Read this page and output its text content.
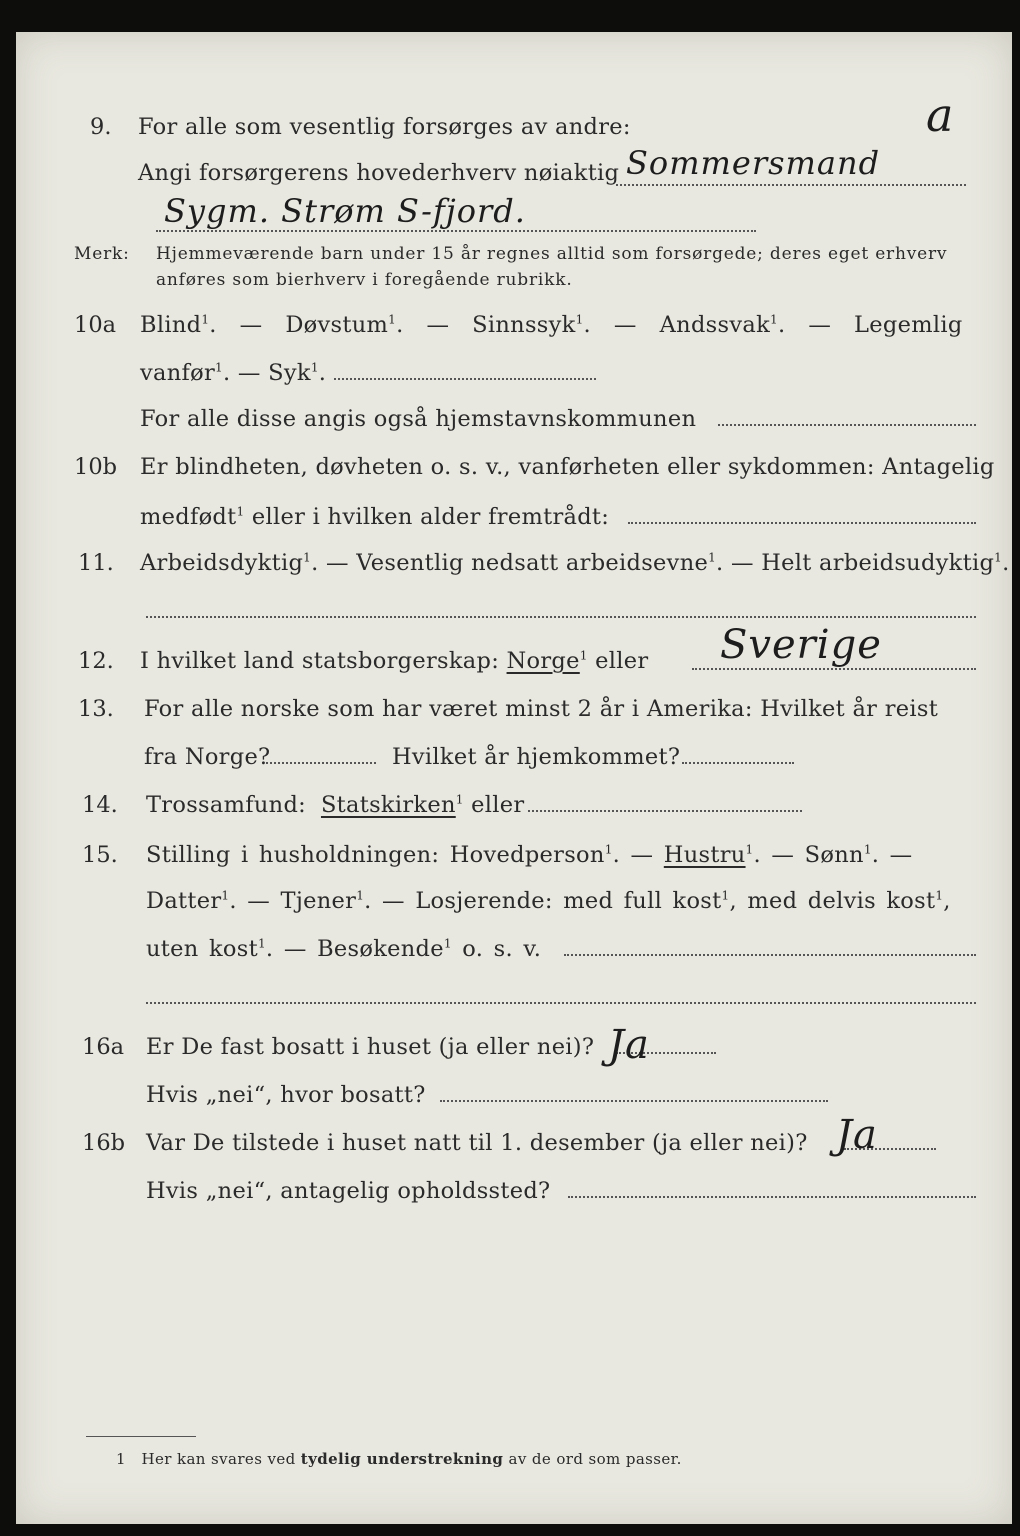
a
9. For alle som vesentlig forsørges av andre:
Angi forsørgerens hovederhverv nøiaktig Sommersmand
Sygm. Strøm S-fjord.
Merk: Hjemmeværende barn under 15 år regnes alltid som forsørgede; deres eget erhverv
anføres som bierhverv i foregående rubrikk.
10a Blind$^1$.  — Døvstum$^1$.  — Sinnssyk$^1$.  — Andssvak$^1$.  — Legemlig
vanfør$^1$. — Syk$^1$.
For alle disse angis også hjemstavnskommunen
10b Er blindheten, døvheten o. s. v., vanførheten eller sykdommen: Antagelig
medfødt$^1$ eller i hvilken alder fremtrådt:
11. Arbeidsdyktig$^1$. — Vesentlig nedsatt arbeidsevne$^1$. — Helt arbeidsudyktig$^1$.
12. I hvilket land statsborgerskap: Norge$^1$ eller Sverige
13. For alle norske som har været minst 2 år i Amerika: Hvilket år reist
fra Norge?	Hvilket år hjemkommet?
14. Trossamfund: Statskirken$^1$ eller
15. Stilling i husholdningen: Hovedperson$^1$. — Hustru$^1$. — Sønn$^1$. —
Datter$^1$. — Tjener$^1$. — Losjerende: med full kost$^1$, med delvis kost$^1$,
uten kost$^1$. — Besøkende$^1$ o. s. v.
16a Er De fast bosatt i huset (ja eller nei)? Ja
Hvis „nei“, hvor bosatt?
16b Var De tilstede i huset natt til 1. desember (ja eller nei)? Ja
Hvis „nei“, antagelig opholdssted?
1 Her kan svares ved tydelig understrekning av de ord som passer.
